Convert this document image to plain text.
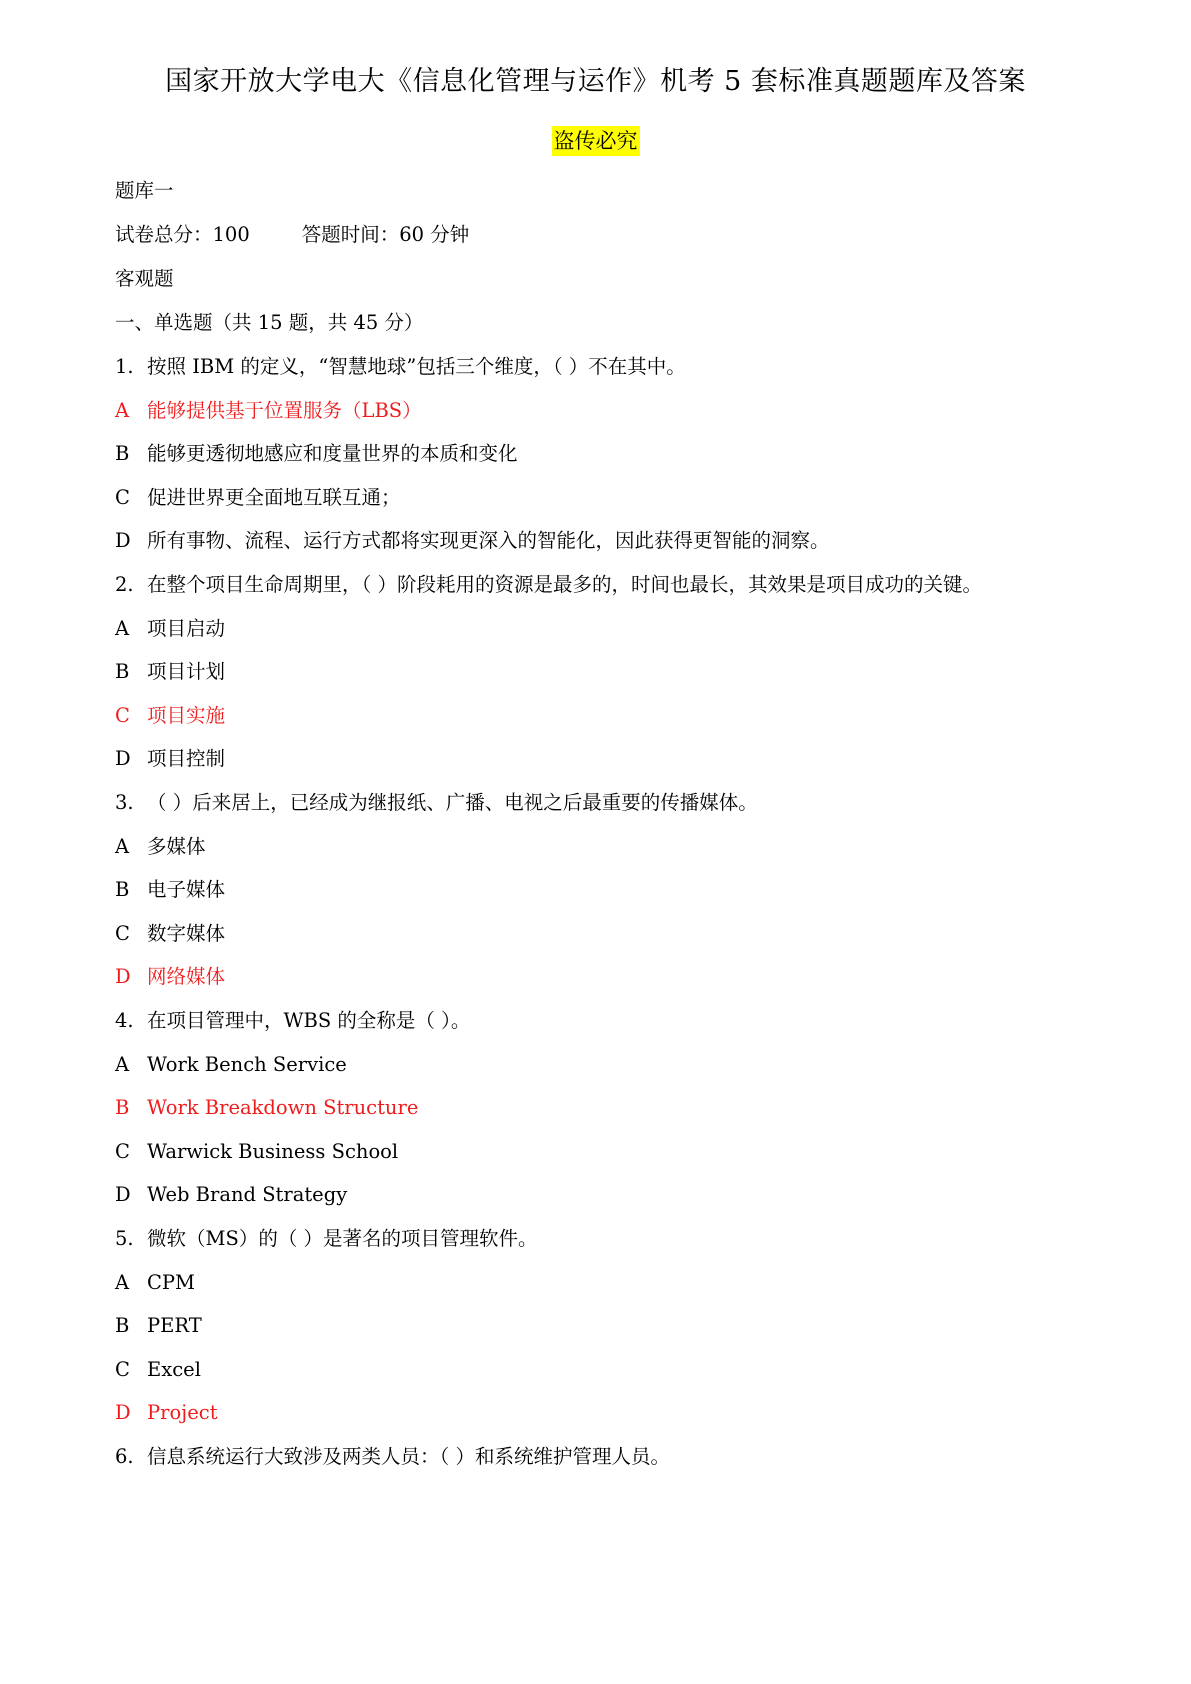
国家开放大学电大《信息化管理与运作》机考 5 套标准真题题库及答案
盗传必究
题库一
试卷总分：100	答题时间：60 分钟
客观题
一、单选题（共 15 题，共 45 分）
1. 按照 IBM 的定义，“智慧地球”包括三个维度，（ ）不在其中。
A 能够提供基于位置服务（LBS）
B 能够更透彻地感应和度量世界的本质和变化
C 促进世界更全面地互联互通；
D 所有事物、流程、运行方式都将实现更深入的智能化，因此获得更智能的洞察。
2. 在整个项目生命周期里，（ ）阶段耗用的资源是最多的，时间也最长，其效果是项目成功的关键。
A 项目启动
B 项目计划
C 项目实施
D 项目控制
3. （ ）后来居上，已经成为继报纸、广播、电视之后最重要的传播媒体。
A 多媒体
B 电子媒体
C 数字媒体
D 网络媒体
4. 在项目管理中，WBS 的全称是（ ）。
A Work Bench Service
B Work Breakdown Structure
C Warwick Business School
D Web Brand Strategy
5. 微软（MS）的（ ）是著名的项目管理软件。
A CPM
B PERT
C Excel
D Project
6. 信息系统运行大致涉及两类人员：（ ）和系统维护管理人员。
